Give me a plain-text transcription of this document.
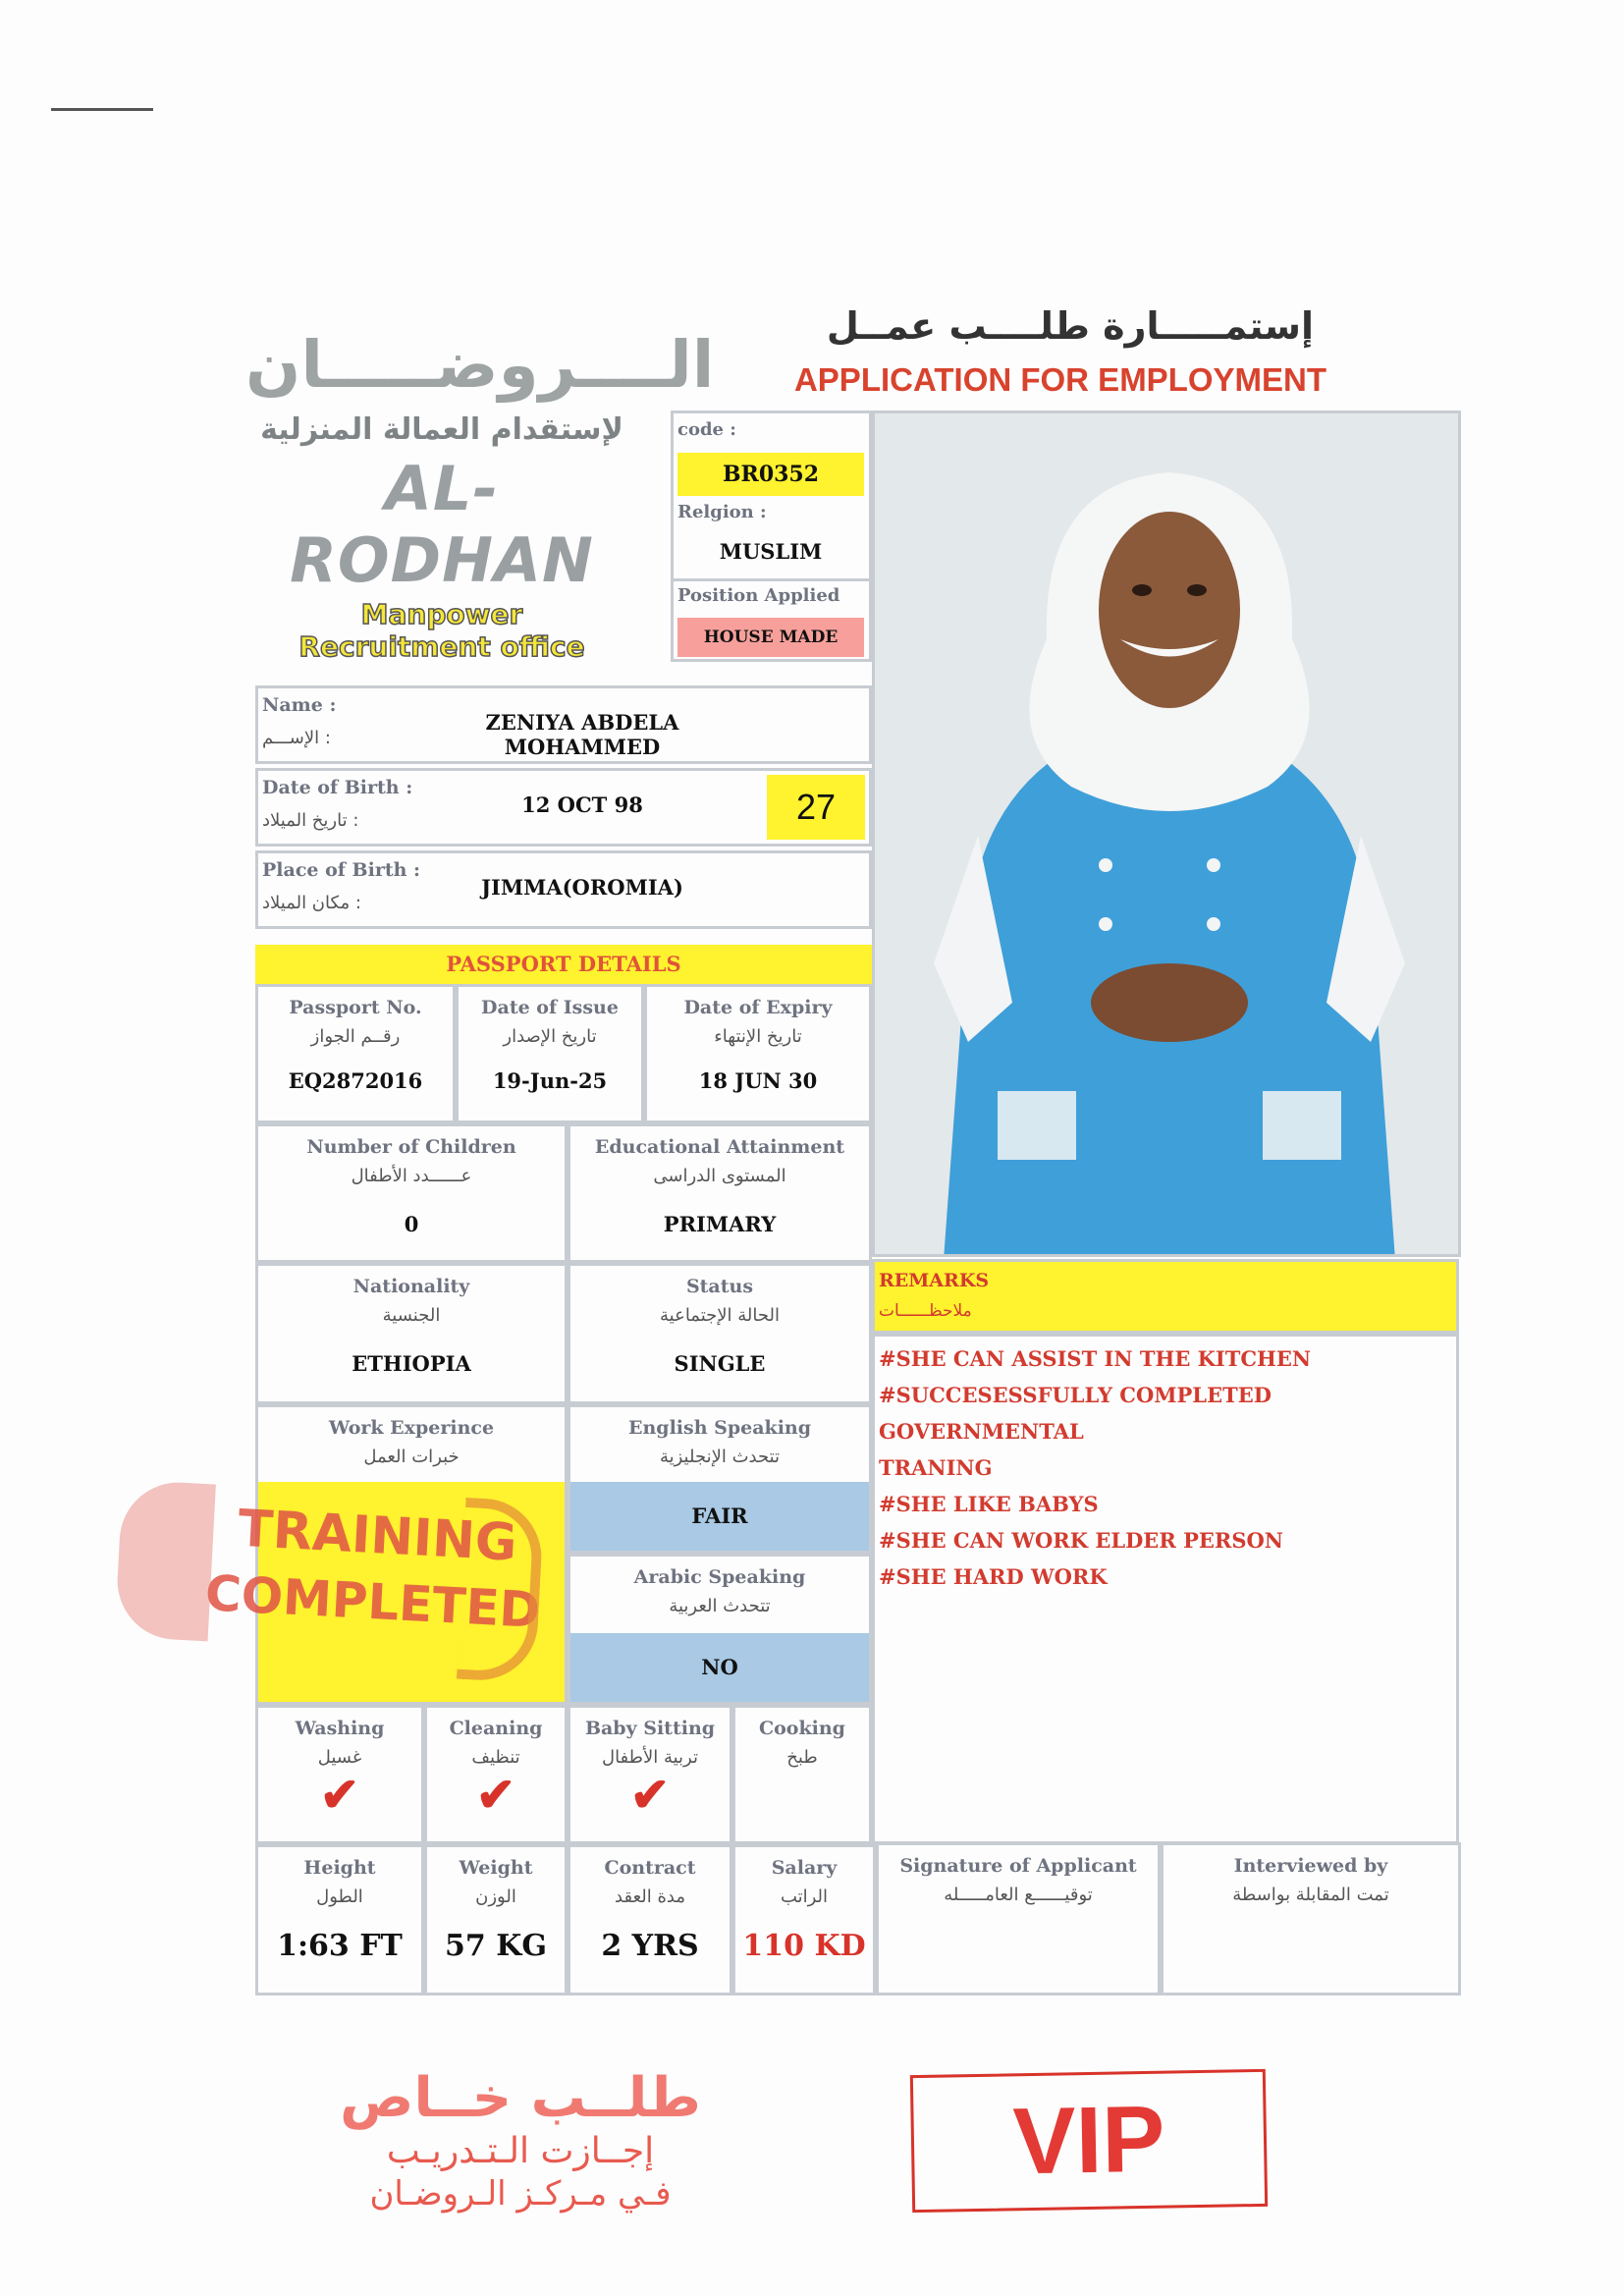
الــــروضـــــان
لإستقدام العمالة المنزلية
AL-RODHAN
Manpower
Recruitment office
إستمـــــارة طلــــب عمــل
APPLICATION FOR EMPLOYMENT
code :
BR0352
Relgion :
MUSLIM
Position Applied
HOUSE MADE
Name :
الإســـم :
ZENIYA ABDELA MOHAMMED
Date of Birth :
تاريخ الميلاد :
12 OCT 98	27
Place of Birth :
مكان الميلاد :
JIMMA(OROMIA)
PASSPORT DETAILS
Passport No.
رقــم الجواز
EQ2872016
Date of Issue
تاريخ الإصدار
19-Jun-25
Date of Expiry
تاريخ الإنتهاء
18 JUN 30
Number of Children
عــــــدد الأطفال
0
Educational Attainment
المستوى الدراسى
PRIMARY
Nationality
الجنسية
ETHIOPIA
Status
الحالة الإجتماعية
SINGLE
Work Experince
خبرات العمل
English Speaking
تتحدث الإنجليزية
FAIR
Arabic Speaking
تتحدث العربية
NO
REMARKS
ملاحظــــــات
#SHE CAN ASSIST IN THE KITCHEN
#SUCCESESSFULLY COMPLETED GOVERNMENTAL
TRANING
#SHE LIKE BABYS
#SHE CAN WORK ELDER PERSON
#SHE HARD WORK
Washing
غسيل
✔
Cleaning
تنظيف
✔
Baby Sitting
تربية الأطفال
✔
Cooking
طبخ
Height
الطول
1:63 FT
Weight
الوزن
57 KG
Contract
مدة العقد
2 YRS
Salary
الراتب
110 KD
Signature of Applicant
توقيــــــع العامـــــله
Interviewed by
تمت المقابلة بواسطة
TRAINING
COMPLETED
طلــب خــاص
إجــازت الـتـدريـب
فـي مـركـز الـروضـان	VIP
